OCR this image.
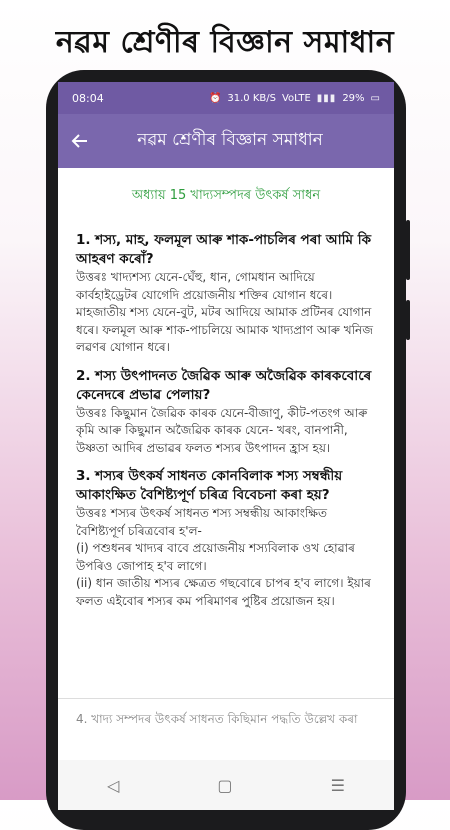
নৱম শ্ৰেণীৰ বিজ্ঞান সমাধান
08:04	⏰ 31.0 KB/S VoLTE ▮▮▮ 29% ▭
নৱম শ্ৰেণীৰ বিজ্ঞান সমাধান
অধ্যায় 15 খাদ্যসম্পদৰ উৎকৰ্ষ সাধন
1. শস্য, মাহ, ফলমূল আৰু শাক-পাচলিৰ পৰা আমি কি আহৰণ কৰোঁ?
উত্তৰঃ খাদ্যশস্য যেনে-ঘেঁহু, ধান, গোমধান আদিয়ে কাৰ্বহাইড্ৰেটৰ যোগেদি প্ৰয়োজনীয় শক্তিৰ যোগান ধৰে। মাহজাতীয় শস্য যেনে-বুট, মটৰ আদিয়ে আমাক প্ৰটিনৰ যোগান ধৰে। ফলমূল আৰু শাক-পাচলিয়ে আমাক খাদ্যপ্ৰাণ আৰু খনিজ লৱণৰ যোগান ধৰে।
2. শস্য উৎপাদনত জৈৱিক আৰু অজৈৱিক কাৰকবোৰে কেনেদৰে প্ৰভাৱ পেলায়?
উত্তৰঃ কিছুমান জৈৱিক কাৰক যেনে-বীজাণু, কীট-পতংগ আৰু কৃমি আৰু কিছুমান অজৈৱিক কাৰক যেনে- খৰং, বানপানী, উষ্ণতা আদিৰ প্ৰভাৱৰ ফলত শস্যৰ উৎপাদন হ্ৰাস হয়।
3. শস্যৰ উৎকৰ্ষ সাধনত কোনবিলাক শস্য সম্বন্ধীয় আকাংক্ষিত বৈশিষ্ট্যপূৰ্ণ চৰিত্ৰ বিবেচনা কৰা হয়?
উত্তৰঃ শস্যৰ উৎকৰ্ষ সাধনত শস্য সম্বন্ধীয় আকাংক্ষিত বৈশিষ্ট্যপূৰ্ণ চৰিত্ৰবোৰ হ'ল-
(i) পশুধনৰ খাদ্যৰ বাবে প্ৰয়োজনীয় শস্যবিলাক ওখ হোৱাৰ উপৰিও জোপাহ হ'ব লাগে।
(ii) ধান জাতীয় শস্যৰ ক্ষেত্ৰত গছবোৰে চাপৰ হ'ব লাগে। ইয়াৰ ফলত এইবোৰ শস্যৰ কম পৰিমাণৰ পুষ্টিৰ প্ৰয়োজন হয়।
4. খাদ্য সম্পদৰ উৎকৰ্ষ সাধনত কিছিমান পদ্ধতি উল্লেখ কৰা
◁	▢	☰
